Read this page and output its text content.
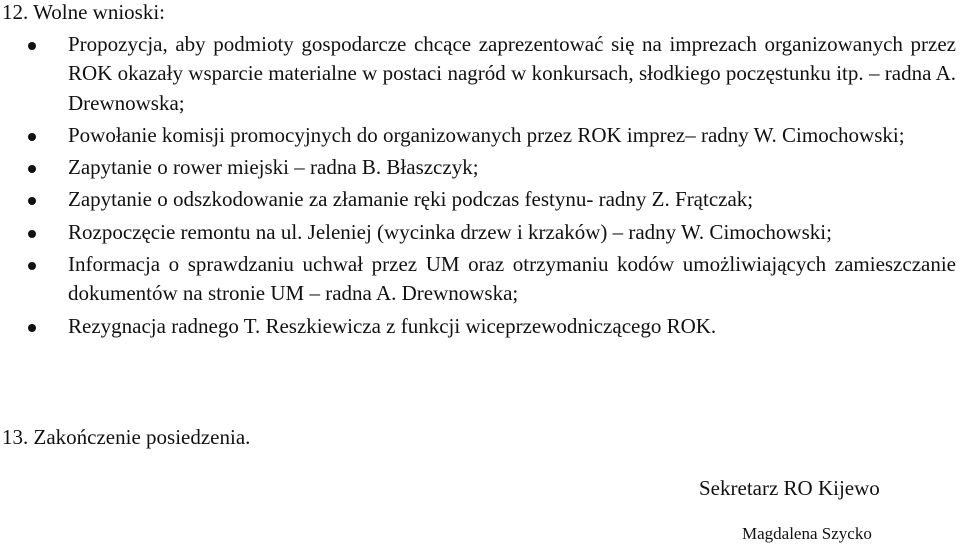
12. Wolne wnioski:
Propozycja, aby podmioty gospodarcze chcące zaprezentować się na imprezach organizowanych przez ROK okazały wsparcie materialne w postaci nagród w konkursach, słodkiego poczęstunku itp. – radna A. Drewnowska;
Powołanie komisji promocyjnych do organizowanych przez ROK imprez– radny W. Cimochowski;
Zapytanie o rower miejski – radna B. Błaszczyk;
Zapytanie o odszkodowanie za złamanie ręki podczas festynu- radny Z. Frątczak;
Rozpoczęcie remontu na ul. Jeleniej (wycinka drzew i krzaków) – radny W. Cimochowski;
Informacja o sprawdzaniu uchwał przez UM oraz otrzymaniu kodów umożliwiających zamieszczanie dokumentów na stronie UM – radna A. Drewnowska;
Rezygnacja radnego T. Reszkiewicza z funkcji wiceprzewodniczącego ROK.
13. Zakończenie posiedzenia.
Sekretarz RO Kijewo
Magdalena Szycko
